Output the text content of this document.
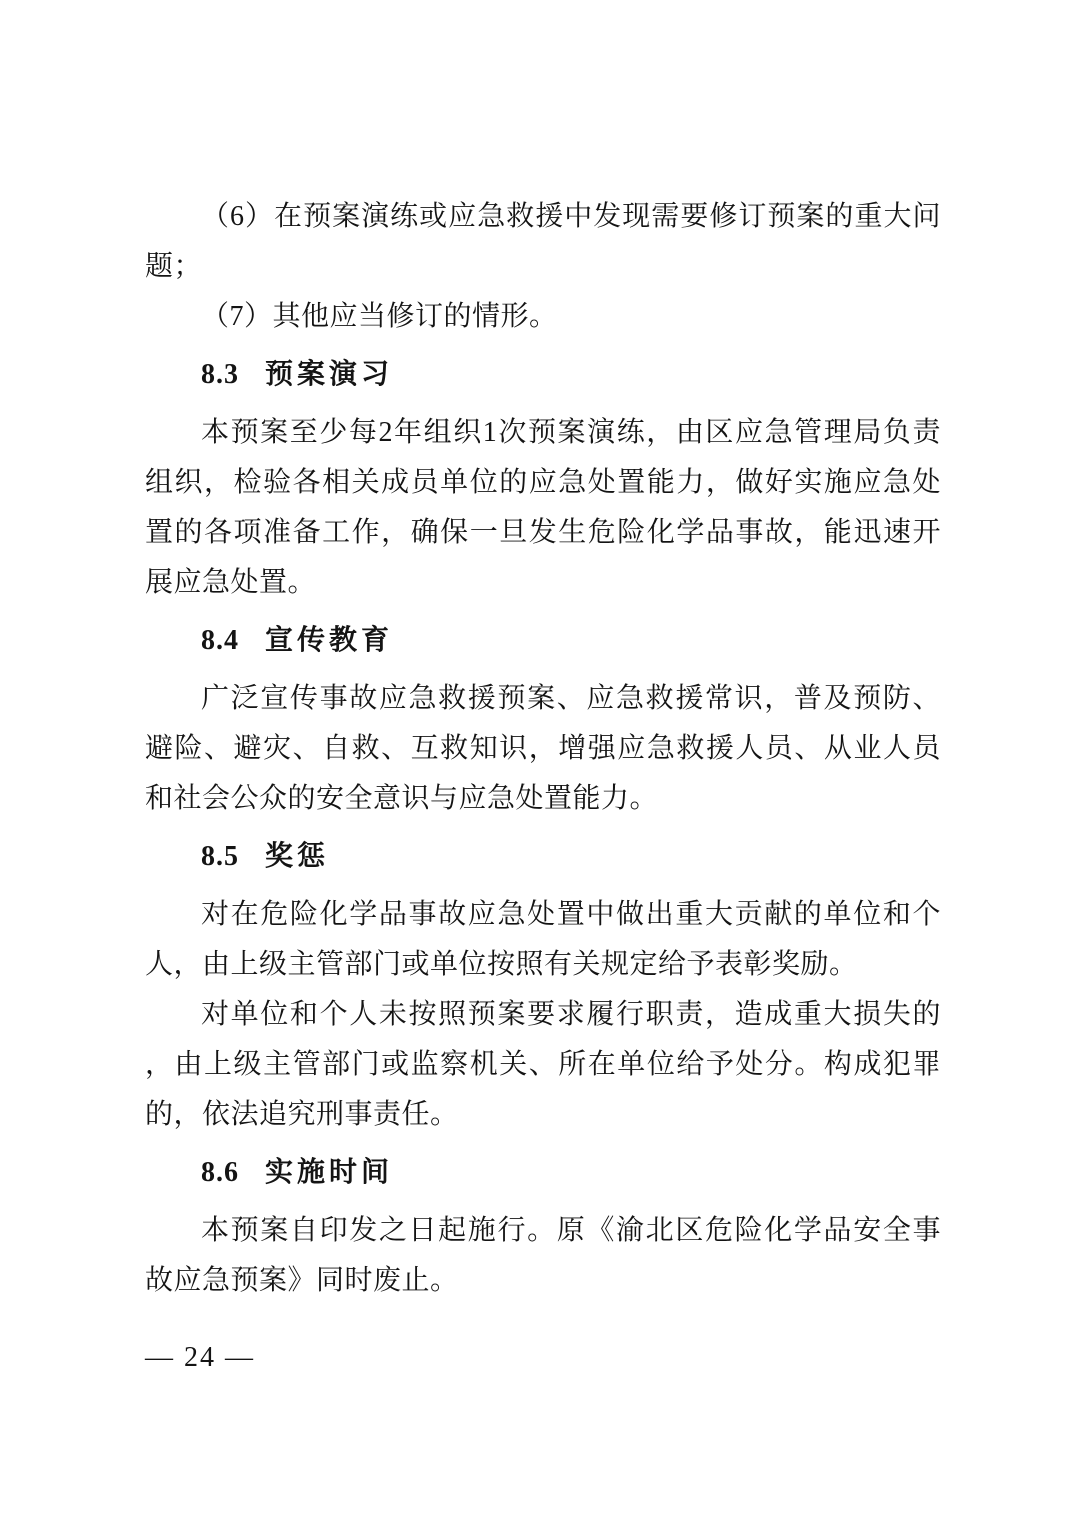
（6）在预案演练或应急救援中发现需要修订预案的重大问
题；
（7）其他应当修订的情形。
8.3 预案演习
本预案至少每2年组织1次预案演练，由区应急管理局负责
组织，检验各相关成员单位的应急处置能力，做好实施应急处
置的各项准备工作，确保一旦发生危险化学品事故，能迅速开
展应急处置。
8.4 宣传教育
广泛宣传事故应急救援预案、应急救援常识，普及预防、
避险、避灾、自救、互救知识，增强应急救援人员、从业人员
和社会公众的安全意识与应急处置能力。
8.5 奖惩
对在危险化学品事故应急处置中做出重大贡献的单位和个
人，由上级主管部门或单位按照有关规定给予表彰奖励。
对单位和个人未按照预案要求履行职责，造成重大损失的
，由上级主管部门或监察机关、所在单位给予处分。构成犯罪
的，依法追究刑事责任。
8.6 实施时间
本预案自印发之日起施行。原《渝北区危险化学品安全事
故应急预案》同时废止。
— 24 —
